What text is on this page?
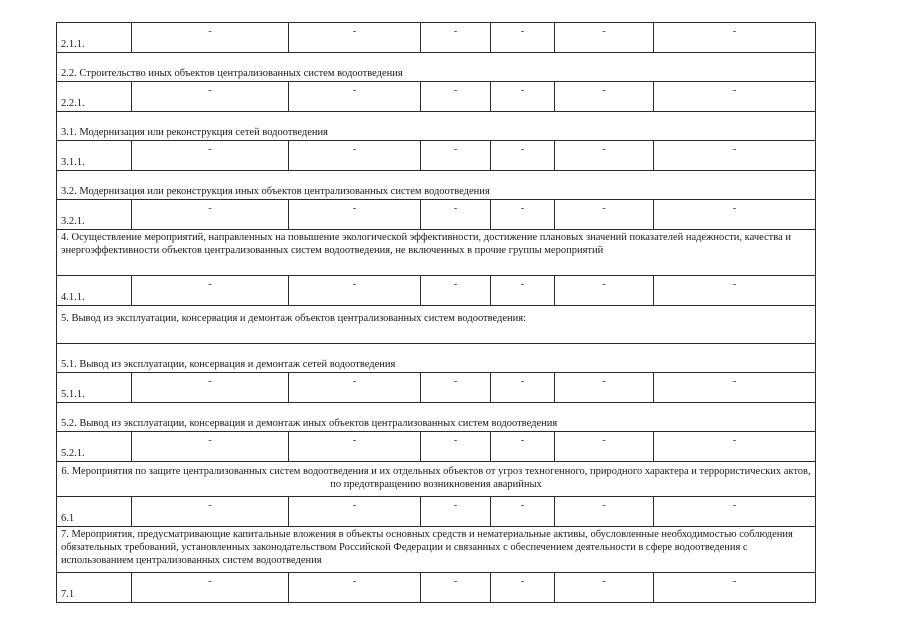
2.1.1.	-	-	-	-	-	-
2.2. Строительство иных объектов централизованных систем водоотведения						
2.2.1.	-	-	-	-	-	-
3.1. Модернизация или реконструкция сетей водоотведения						
3.1.1.	-	-	-	-	-	-
3.2. Модернизация или реконструкция иных объектов централизованных систем водоотведения						
3.2.1.	-	-	-	-	-	-
4. Осуществление мероприятий, направленных на повышение экологической эффективности, достижение плановых значений показателей надежности, качества и энергоэффективности объектов централизованных систем водоотведения, не включенных в прочие группы мероприятий						
4.1.1.	-	-	-	-	-	-
5. Вывод из эксплуатации, консервация и демонтаж объектов централизованных систем водоотведения:						
5.1. Вывод из эксплуатации, консервация и демонтаж сетей водоотведения						
5.1.1.	-	-	-	-	-	-
5.2. Вывод из эксплуатации, консервация и демонтаж иных объектов централизованных систем водоотведения						
5.2.1.	-	-	-	-	-	-
6. Мероприятия по защите централизованных систем водоотведения и их отдельных объектов от угроз техногенного, природного характера и террористических актов, по предотвращению возникновения аварийных						
6.1	-	-	-	-	-	-
7. Мероприятия, предусматривающие капитальные вложения в объекты основных средств и нематериальные активы, обусловленные необходимостью соблюдения обязательных требований, установленных законодательством Российской Федерации и связанных с обеспечением деятельности в сфере водоотведения с использованием централизованных систем водоотведения						
7.1	-	-	-	-	-	-
